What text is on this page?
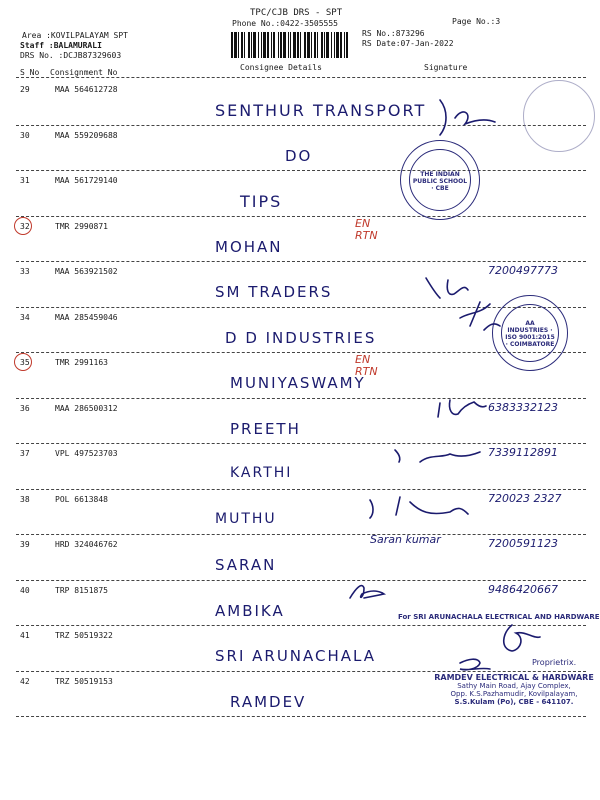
TPC/CJB DRS - SPT
Phone No.:0422-3505555	Page No.:3
Area :KOVILPALAYAM SPT
Staff :BALAMURALI
DRS No. :DCJB87329603
RS No.:873296
RS Date:07-Jan-2022
S No Consignment No
Consignee Details	Signature
29	MAA 564612728
SENTHUR TRANSPORT
30	MAA 559209688
DO
31	MAA 561729140
TIPS
32	TMR 2990871
MOHAN
EN RTN
33	MAA 563921502
SM TRADERS
7200497773
34	MAA 285459046
D D INDUSTRIES
35	TMR 2991163
MUNIYASWAMY
EN RTN
36	MAA 286500312
PREETH
6383332123
37	VPL 497523703
KARTHI
7339112891
38	POL 6613848
MUTHU
720023 2327
39	HRD 324046762
SARAN
7200591123
40	TRP 8151875
AMBIKA
9486420667
41	TRZ 50519322
SRI ARUNACHALA
42	TRZ 50519153
RAMDEV
THE INDIAN PUBLIC SCHOOL · CBE
AA INDUSTRIES · ISO 9001:2015 · COIMBATORE
For SRI ARUNACHALA ELECTRICAL AND HARDWARE
Proprietrix.
RAMDEV ELECTRICAL & HARDWARE
Sathy Main Road, Ajay Complex,
Opp. K.S.Pazhamudir, Kovilpalayam,
S.S.Kulam (Po), CBE - 641107.
Saran kumar
